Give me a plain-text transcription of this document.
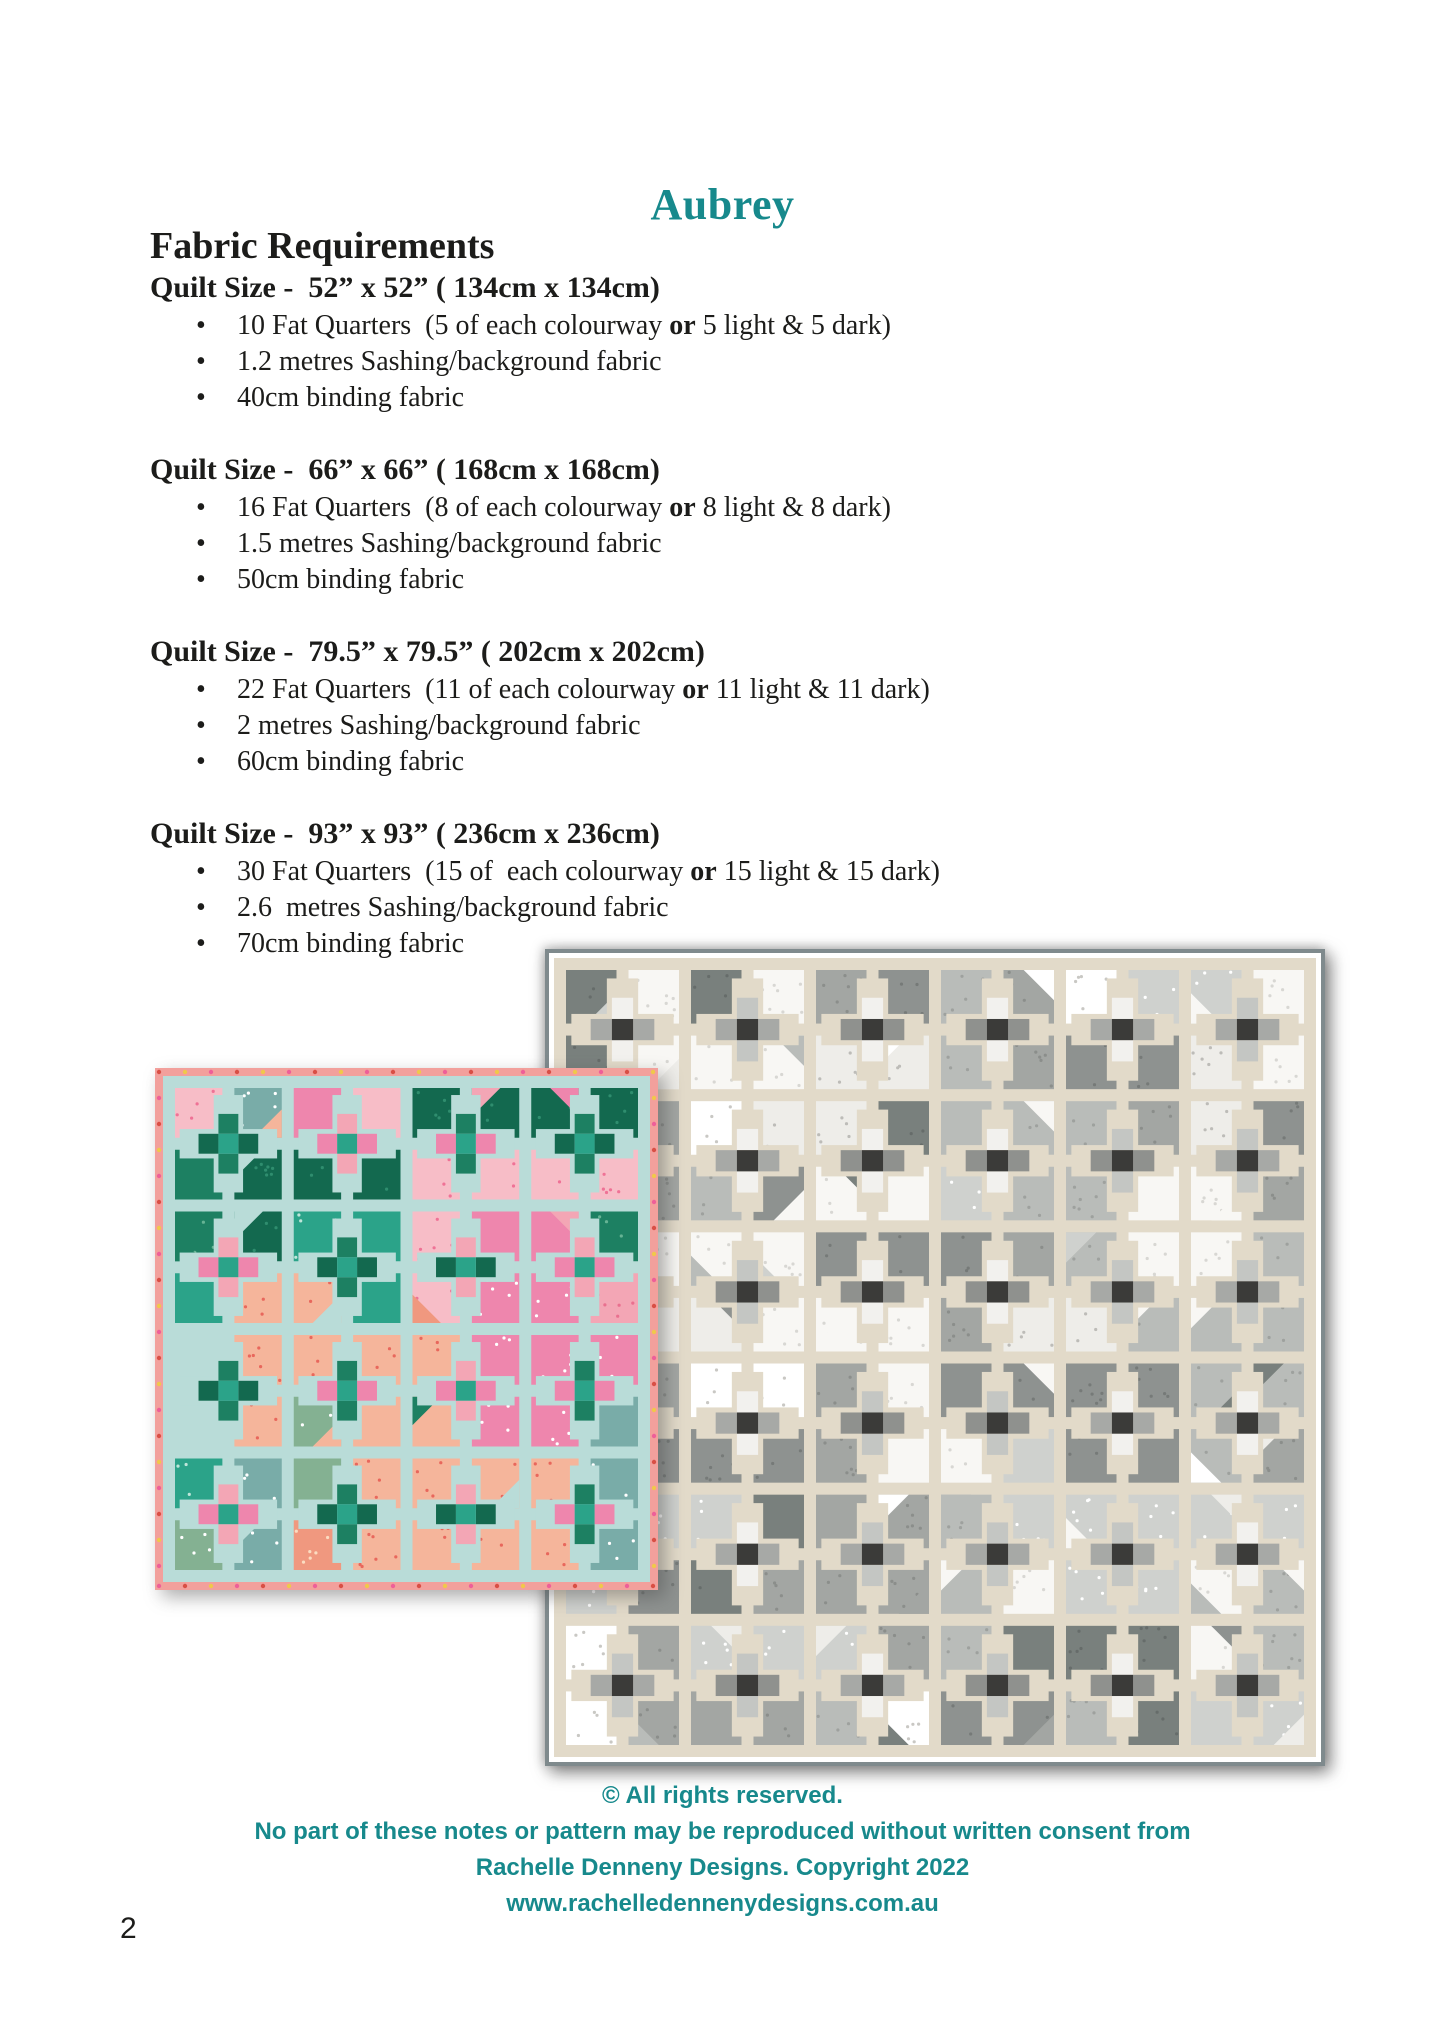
Aubrey
Fabric Requirements
Quilt Size -  52” x 52” ( 134cm x 134cm)
• 10 Fat Quarters  (5 of each colourway or 5 light & 5 dark)
• 1.2 metres Sashing/background fabric
• 40cm binding fabric
Quilt Size -  66” x 66” ( 168cm x 168cm)
• 16 Fat Quarters  (8 of each colourway or 8 light & 8 dark)
• 1.5 metres Sashing/background fabric
• 50cm binding fabric
Quilt Size -  79.5” x 79.5” ( 202cm x 202cm)
• 22 Fat Quarters  (11 of each colourway or 11 light & 11 dark)
• 2 metres Sashing/background fabric
• 60cm binding fabric
Quilt Size -  93” x 93” ( 236cm x 236cm)
• 30 Fat Quarters  (15 of  each colourway or 15 light & 15 dark)
• 2.6  metres Sashing/background fabric
• 70cm binding fabric
© All rights reserved.
No part of these notes or pattern may be reproduced without written consent from
Rachelle Denneny Designs. Copyright 2022
www.rachelledennenydesigns.com.au
2
